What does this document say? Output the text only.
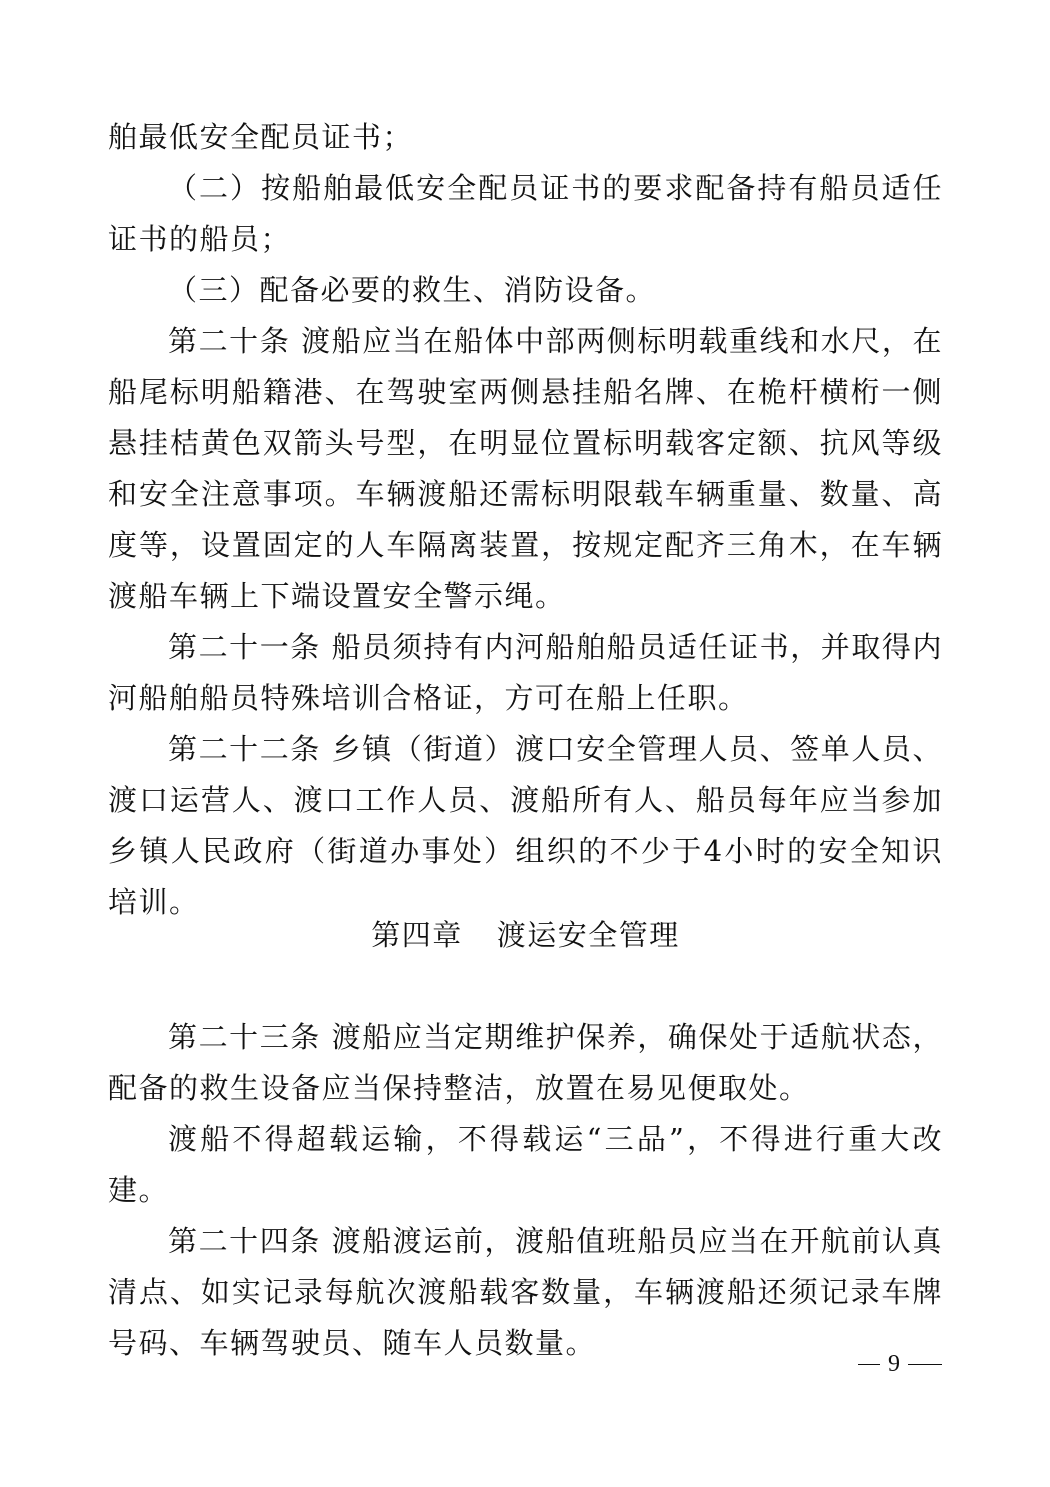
舶最低安全配员证书；

（二）按船舶最低安全配员证书的要求配备持有船员适任证书的船员；

（三）配备必要的救生、消防设备。

第二十条 渡船应当在船体中部两侧标明载重线和水尺，在船尾标明船籍港、在驾驶室两侧悬挂船名牌、在桅杆横桁一侧悬挂桔黄色双箭头号型，在明显位置标明载客定额、抗风等级和安全注意事项。车辆渡船还需标明限载车辆重量、数量、高度等，设置固定的人车隔离装置，按规定配齐三角木，在车辆渡船车辆上下端设置安全警示绳。

第二十一条 船员须持有内河船舶船员适任证书，并取得内河船舶船员特殊培训合格证，方可在船上任职。

第二十二条 乡镇（街道）渡口安全管理人员、签单人员、渡口运营人、渡口工作人员、渡船所有人、船员每年应当参加乡镇人民政府（街道办事处）组织的不少于4小时的安全知识培训。

第四章 渡运安全管理

第二十三条 渡船应当定期维护保养，确保处于适航状态，配备的救生设备应当保持整洁，放置在易见便取处。

渡船不得超载运输，不得载运“三品”，不得进行重大改建。

第二十四条 渡船渡运前，渡船值班船员应当在开航前认真清点、如实记录每航次渡船载客数量，车辆渡船还须记录车牌号码、车辆驾驶员、随车人员数量。

9
